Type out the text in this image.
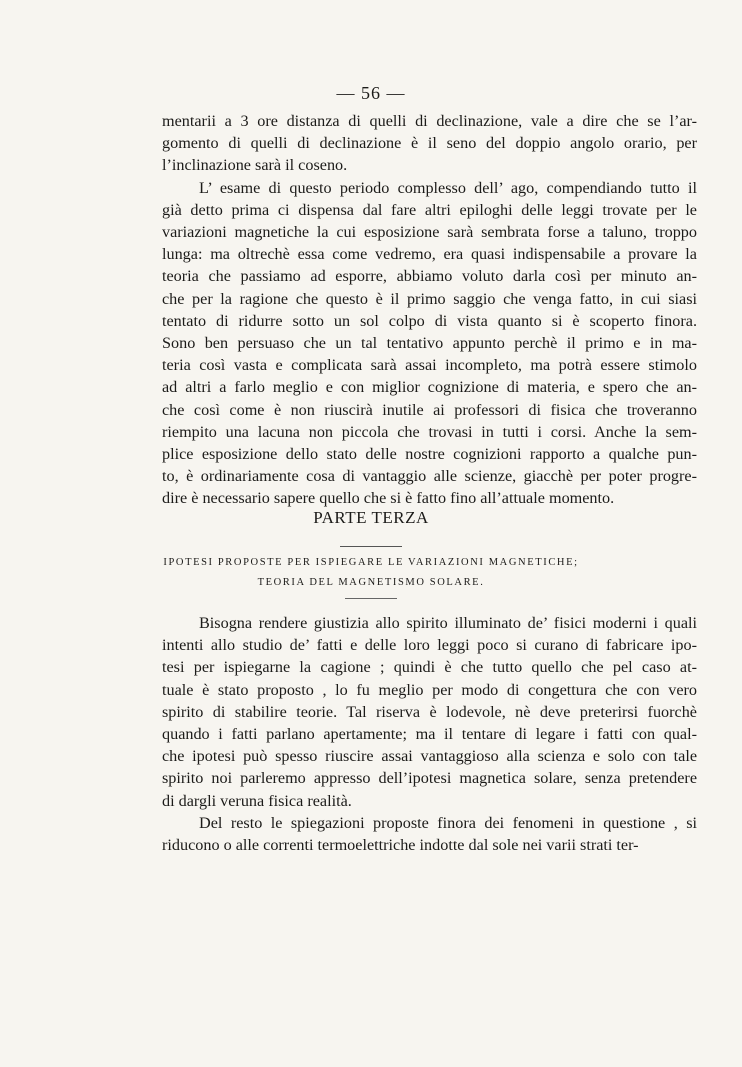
— 56 —
mentarii a 3 ore distanza di quelli di declinazione, vale a dire che se l’ar-
gomento di quelli di declinazione è il seno del doppio angolo orario, per
l’inclinazione sarà il coseno.
L’ esame di questo periodo complesso dell’ ago, compendiando tutto il
già detto prima ci dispensa dal fare altri epiloghi delle leggi trovate per le
variazioni magnetiche la cui esposizione sarà sembrata forse a taluno, troppo
lunga: ma oltrechè essa come vedremo, era quasi indispensabile a provare la
teoria che passiamo ad esporre, abbiamo voluto darla così per minuto an-
che per la ragione che questo è il primo saggio che venga fatto, in cui siasi
tentato di ridurre sotto un sol colpo di vista quanto si è scoperto finora.
Sono ben persuaso che un tal tentativo appunto perchè il primo e in ma-
teria così vasta e complicata sarà assai incompleto, ma potrà essere stimolo
ad altri a farlo meglio e con miglior cognizione di materia, e spero che an-
che così come è non riuscirà inutile ai professori di fisica che troveranno
riempito una lacuna non piccola che trovasi in tutti i corsi. Anche la sem-
plice esposizione dello stato delle nostre cognizioni rapporto a qualche pun-
to, è ordinariamente cosa di vantaggio alle scienze, giacchè per poter progre-
dire è necessario sapere quello che si è fatto fino all’attuale momento.
PARTE TERZA
IPOTESI PROPOSTE PER ISPIEGARE LE VARIAZIONI MAGNETICHE;
TEORIA DEL MAGNETISMO SOLARE.
Bisogna rendere giustizia allo spirito illuminato de’ fisici moderni i quali
intenti allo studio de’ fatti e delle loro leggi poco si curano di fabricare ipo-
tesi per ispiegarne la cagione ; quindi è che tutto quello che pel caso at-
tuale è stato proposto , lo fu meglio per modo di congettura che con vero
spirito di stabilire teorie. Tal riserva è lodevole, nè deve preterirsi fuorchè
quando i fatti parlano apertamente; ma il tentare di legare i fatti con qual-
che ipotesi può spesso riuscire assai vantaggioso alla scienza e solo con tale
spirito noi parleremo appresso dell’ipotesi magnetica solare, senza pretendere
di dargli veruna fisica realità.
Del resto le spiegazioni proposte finora dei fenomeni in questione , si
riducono o alle correnti termoelettriche indotte dal sole nei varii strati ter-
